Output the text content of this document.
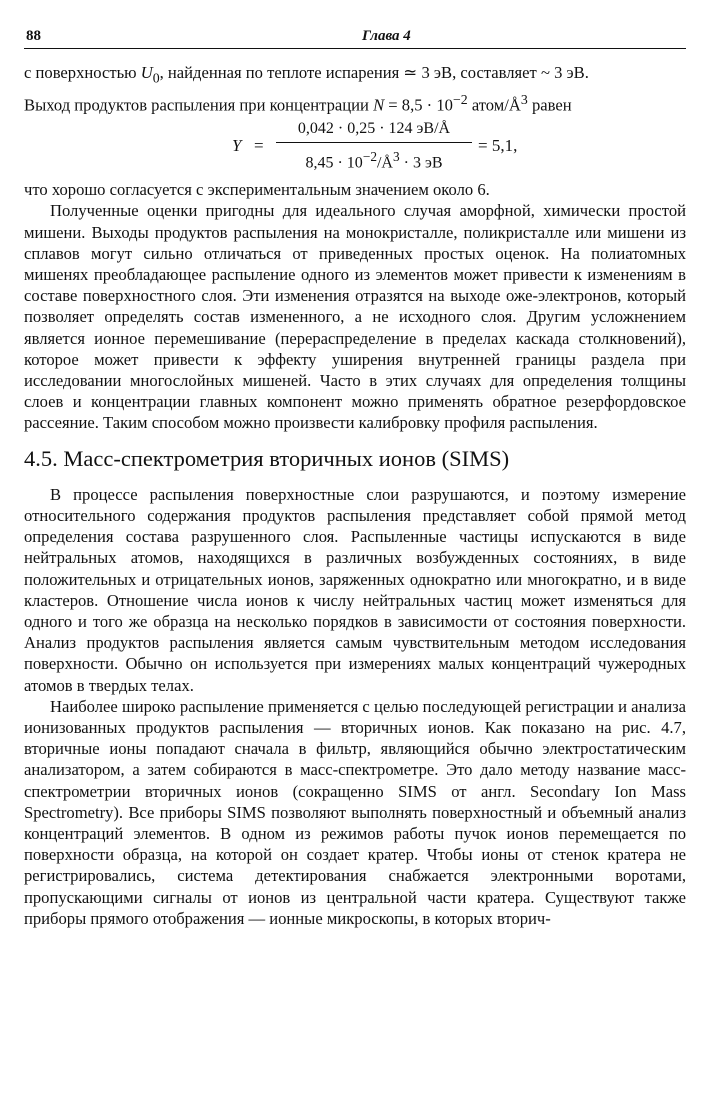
88	Глава 4

с поверхностью $U_0$, найденная по теплоте испарения ≃ 3 эВ, составляет ~ 3 эВ.

Выход продуктов распыления при концентрации $N = 8,5 \cdot 10^{-2}$ атом/$Å^3$ равен

Y =
0,042 · 0,25 · 124 эВ/Å
$8,45 \cdot 10^{-2}/Å^3 \cdot 3$ эВ
= 5,1,

что хорошо согласуется с экспериментальным значением около 6.

Полученные оценки пригодны для идеального случая аморфной, химически простой мишени. Выходы продуктов распыления на монокристалле, поликристалле или мишени из сплавов могут сильно отличаться от приведенных простых оценок. На полиатомных мишенях преобладающее распыление одного из элементов может привести к изменениям в составе поверхностного слоя. Эти изменения отразятся на выходе оже-электронов, который позволяет определять состав измененного, а не исходного слоя. Другим усложнением является ионное перемешивание (перераспределение в пределах каскада столкновений), которое может привести к эффекту уширения внутренней границы раздела при исследовании многослойных мишеней. Часто в этих случаях для определения толщины слоев и концентрации главных компонент можно применять обратное резерфордовское рассеяние. Таким способом можно произвести калибровку профиля распыления.

4.5. Масс-спектрометрия вторичных ионов (SIMS)

В процессе распыления поверхностные слои разрушаются, и поэтому измерение относительного содержания продуктов распыления представляет собой прямой метод определения состава разрушенного слоя. Распыленные частицы испускаются в виде нейтральных атомов, находящихся в различных возбужденных состояниях, в виде положительных и отрицательных ионов, заряженных однократно или многократно, и в виде кластеров. Отношение числа ионов к числу нейтральных частиц может изменяться для одного и того же образца на несколько порядков в зависимости от состояния поверхности. Анализ продуктов распыления является самым чувствительным методом исследования поверхности. Обычно он используется при измерениях малых концентраций чужеродных атомов в твердых телах.

Наиболее широко распыление применяется с целью последующей регистрации и анализа ионизованных продуктов распыления — вторичных ионов. Как показано на рис. 4.7, вторичные ионы попадают сначала в фильтр, являющийся обычно электростатическим анализатором, а затем собираются в масс-спектрометре. Это дало методу название масс-спектрометрии вторичных ионов (сокращенно SIMS от англ. Secondary Ion Mass Spectrometry). Все приборы SIMS позволяют выполнять поверхностный и объемный анализ концентраций элементов. В одном из режимов работы пучок ионов перемещается по поверхности образца, на которой он создает кратер. Чтобы ионы от стенок кратера не регистрировались, система детектирования снабжается электронными воротами, пропускающими сигналы от ионов из центральной части кратера. Существуют также приборы прямого отображения — ионные микроскопы, в которых вторич-
